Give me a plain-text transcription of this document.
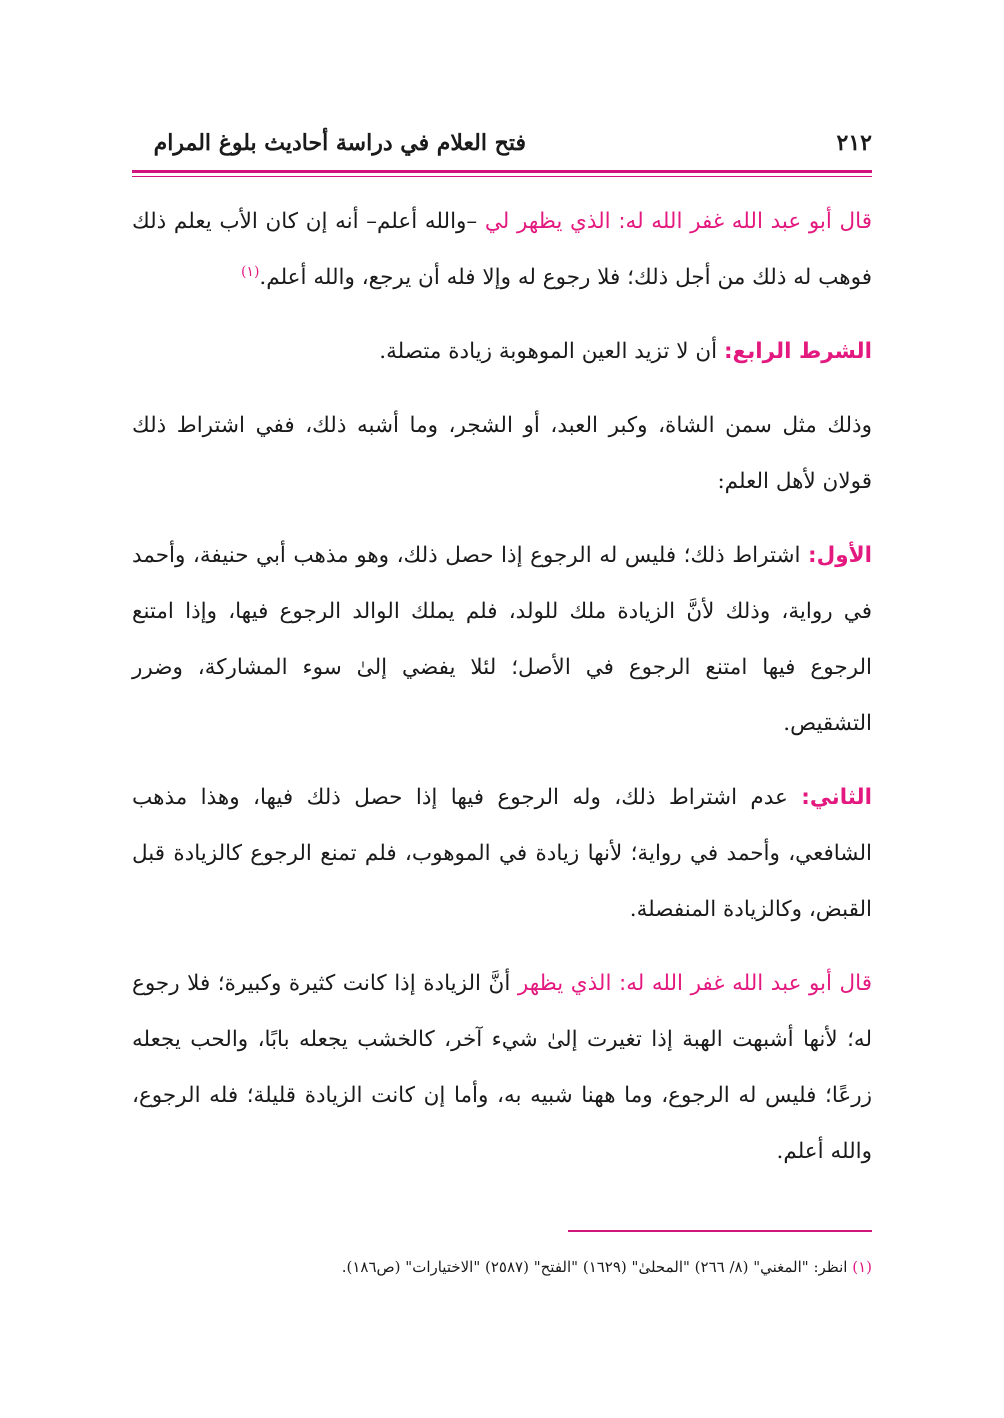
فتح العلام في دراسة أحاديث بلوغ المرام	٢١٢

قال أبو عبد الله غفر الله له: الذي يظهر لي –والله أعلم– أنه إن كان الأب يعلم ذلك فوهب له ذلك من أجل ذلك؛ فلا رجوع له وإلا فله أن يرجع، والله أعلم.$^{(١)}$

الشرط الرابع: أن لا تزيد العين الموهوبة زيادة متصلة.

وذلك مثل سمن الشاة، وكبر العبد، أو الشجر، وما أشبه ذلك، ففي اشتراط ذلك قولان لأهل العلم:

الأول: اشتراط ذلك؛ فليس له الرجوع إذا حصل ذلك، وهو مذهب أبي حنيفة، وأحمد في رواية، وذلك لأنَّ الزيادة ملك للولد، فلم يملك الوالد الرجوع فيها، وإذا امتنع الرجوع فيها امتنع الرجوع في الأصل؛ لئلا يفضي إلىٰ سوء المشاركة، وضرر التشقيص.

الثاني: عدم اشتراط ذلك، وله الرجوع فيها إذا حصل ذلك فيها، وهذا مذهب الشافعي، وأحمد في رواية؛ لأنها زيادة في الموهوب، فلم تمنع الرجوع كالزيادة قبل القبض، وكالزيادة المنفصلة.

قال أبو عبد الله غفر الله له: الذي يظهر أنَّ الزيادة إذا كانت كثيرة وكبيرة؛ فلا رجوع له؛ لأنها أشبهت الهبة إذا تغيرت إلىٰ شيء آخر، كالخشب يجعله بابًا، والحب يجعله زرعًا؛ فليس له الرجوع، وما ههنا شبيه به، وأما إن كانت الزيادة قليلة؛ فله الرجوع، والله أعلم.

(١) انظر: "المغني" (٨/ ٢٦٦) "المحلىٰ" (١٦٢٩) "الفتح" (٢٥٨٧) "الاختيارات" (ص١٨٦).
